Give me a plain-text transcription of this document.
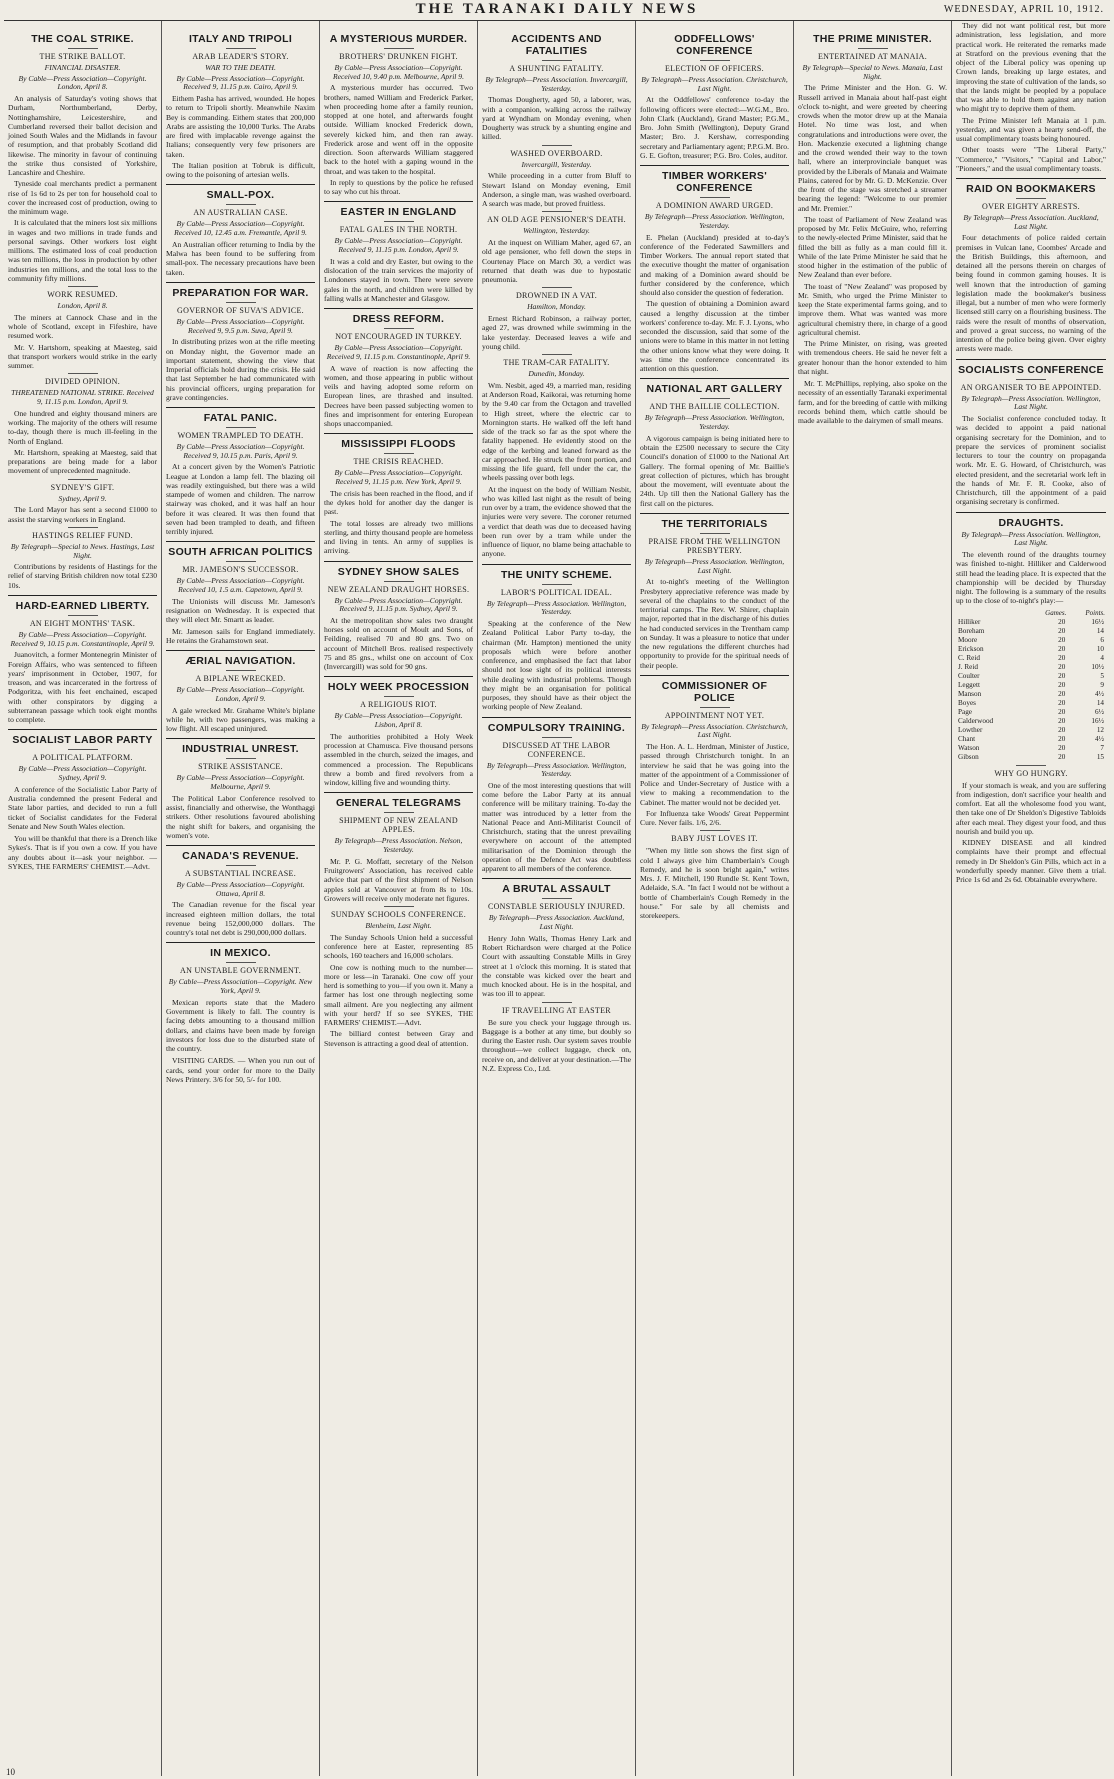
THE TARANAKI DAILY NEWS	WEDNESDAY, APRIL 10, 1912.
THE COAL STRIKE.
THE STRIKE BALLOT.
FINANCIAL DISASTER.
By Cable—Press Association—Copyright. London, April 8.

An analysis of Saturday's voting shows that Durham, Northumberland, Derby, Nottinghamshire, Leicestershire, and Cumberland reversed their ballot decision and joined South Wales and the Midlands in favour of resumption, and that probably Scotland did likewise. The minority in favour of continuing the strike thus consisted of Yorkshire, Lancashire and Cheshire.

Tyneside coal merchants predict a permanent rise of 1s 6d to 2s per ton for household coal to cover the increased cost of production, owing to the minimum wage.

It is calculated that the miners lost six millions in wages and two millions in trade funds and personal savings. Other workers lost eight millions. The estimated loss of coal production was ten millions, the loss in production by other industries ten millions, and the total loss to the community fifty millions.

WORK RESUMED.
London, April 8.

The miners at Cannock Chase and in the whole of Scotland, except in Fifeshire, have resumed work.

Mr. V. Hartshorn, speaking at Maesteg, said that transport workers would strike in the early summer.

DIVIDED OPINION.
THREATENED NATIONAL STRIKE. Received 9, 11.15 p.m. London, April 9.

One hundred and eighty thousand miners are working. The majority of the others will resume to-day, though there is much ill-feeling in the North of England.

Mr. Hartshorn, speaking at Maesteg, said that preparations are being made for a labor movement of unprecedented magnitude.

SYDNEY'S GIFT.
Sydney, April 9.

The Lord Mayor has sent a second £1000 to assist the starving workers in England.

HASTINGS RELIEF FUND.
By Telegraph—Special to News. Hastings, Last Night.

Contributions by residents of Hastings for the relief of starving British children now total £230 10s.

HARD-EARNED LIBERTY.
AN EIGHT MONTHS' TASK.
By Cable—Press Association—Copyright. Received 9, 10.15 p.m. Constantinople, April 9.

Juanovitch, a former Montenegrin Minister of Foreign Affairs, who was sentenced to fifteen years' imprisonment in October, 1907, for treason, and was incarcerated in the fortress of Podgoritza, with his feet enchained, escaped with other conspirators by digging a subterranean passage which took eight months to complete.

SOCIALIST LABOR PARTY
A POLITICAL PLATFORM.
By Cable—Press Association—Copyright. Sydney, April 9.

A conference of the Socialistic Labor Party of Australia condemned the present Federal and State labor parties, and decided to run a full ticket of Socialist candidates for the Federal Senate and New South Wales election.

You will be thankful that there is a Drench like Sykes's. That is if you own a cow. If you have any doubts about it—ask your neighbor. —SYKES, THE FARMERS' CHEMIST.—Advt.

ITALY AND TRIPOLI
ARAB LEADER'S STORY.
WAR TO THE DEATH.
By Cable—Press Association—Copyright. Received 9, 11.15 p.m. Cairo, April 9.

Eithem Pasha has arrived, wounded. He hopes to return to Tripoli shortly. Meanwhile Naxim Bey is commanding. Eithem states that 200,000 Arabs are assisting the 10,000 Turks. The Arabs are fired with implacable revenge against the Italians; consequently very few prisoners are taken.

The Italian position at Tobruk is difficult, owing to the poisoning of artesian wells.

SMALL-POX.
AN AUSTRALIAN CASE.
By Cable—Press Association—Copyright. Received 10, 12.45 a.m. Fremantle, April 9.

An Australian officer returning to India by the Malwa has been found to be suffering from small-pox. The necessary precautions have been taken.

PREPARATION FOR WAR.
GOVERNOR OF SUVA'S ADVICE.
By Cable—Press Association—Copyright. Received 9, 9.5 p.m. Suva, April 9.

In distributing prizes won at the rifle meeting on Monday night, the Governor made an important statement, showing the view that Imperial officials hold during the crisis. He said that last September he had communicated with his provincial officers, urging preparation for grave contingencies.

FATAL PANIC.
WOMEN TRAMPLED TO DEATH.
By Cable—Press Association—Copyright. Received 9, 10.15 p.m. Paris, April 9.

At a concert given by the Women's Patriotic League at London a lamp fell. The blazing oil was readily extinguished, but there was a wild stampede of women and children. The narrow stairway was choked, and it was half an hour before it was cleared. It was then found that seven had been trampled to death, and fifteen terribly injured.

SOUTH AFRICAN POLITICS
MR. JAMESON'S SUCCESSOR.
By Cable—Press Association—Copyright. Received 10, 1.5 a.m. Capetown, April 9.

The Unionists will discuss Mr. Jameson's resignation on Wednesday. It is expected that they will elect Mr. Smartt as leader.

Mr. Jameson sails for England immediately. He retains the Grahamstown seat.

ÆRIAL NAVIGATION.
A BIPLANE WRECKED.
By Cable—Press Association—Copyright. London, April 9.

A gale wrecked Mr. Grahame White's biplane while he, with two passengers, was making a low flight. All escaped uninjured.

INDUSTRIAL UNREST.
STRIKE ASSISTANCE.
By Cable—Press Association—Copyright. Melbourne, April 9.

The Political Labor Conference resolved to assist, financially and otherwise, the Wonthaggi strikers. Other resolutions favoured abolishing the night shift for bakers, and organising the women's vote.

CANADA'S REVENUE.
A SUBSTANTIAL INCREASE.
By Cable—Press Association—Copyright. Ottawa, April 8.

The Canadian revenue for the fiscal year increased eighteen million dollars, the total revenue being 152,000,000 dollars. The country's total net debt is 290,000,000 dollars.

IN MEXICO.
AN UNSTABLE GOVERNMENT.
By Cable—Press Association—Copyright. New York, April 9.

Mexican reports state that the Madero Government is likely to fall. The country is facing debts amounting to a thousand million dollars, and claims have been made by foreign investors for loss due to the disturbed state of the country.

VISITING CARDS. — When you run out of cards, send your order for more to the Daily News Printery. 3/6 for 50, 5/- for 100.

A MYSTERIOUS MURDER.
BROTHERS' DRUNKEN FIGHT.
By Cable—Press Association—Copyright. Received 10, 9.40 p.m. Melbourne, April 9.

A mysterious murder has occurred. Two brothers, named William and Frederick Parker, when proceeding home after a family reunion, stopped at one hotel, and afterwards fought outside. William knocked Frederick down, severely kicked him, and then ran away. Frederick arose and went off in the opposite direction. Soon afterwards William staggered back to the hotel with a gaping wound in the throat, and was taken to the hospital.

In reply to questions by the police he refused to say who cut his throat.

EASTER IN ENGLAND
FATAL GALES IN THE NORTH.
By Cable—Press Association—Copyright. Received 9, 11.15 p.m. London, April 9.

It was a cold and dry Easter, but owing to the dislocation of the train services the majority of Londoners stayed in town. There were severe gales in the north, and children were killed by falling walls at Manchester and Glasgow.

DRESS REFORM.
NOT ENCOURAGED IN TURKEY.
By Cable—Press Association—Copyright. Received 9, 11.15 p.m. Constantinople, April 9.

A wave of reaction is now affecting the women, and those appearing in public without veils and having adopted some reform on European lines, are thrashed and insulted. Decrees have been passed subjecting women to fines and imprisonment for entering European shops unaccompanied.

MISSISSIPPI FLOODS
THE CRISIS REACHED.
By Cable—Press Association—Copyright. Received 9, 11.15 p.m. New York, April 9.

The crisis has been reached in the flood, and if the dykes hold for another day the danger is past.

The total losses are already two millions sterling, and thirty thousand people are homeless and living in tents. An army of supplies is arriving.

SYDNEY SHOW SALES
NEW ZEALAND DRAUGHT HORSES.
By Cable—Press Association—Copyright. Received 9, 11.15 p.m. Sydney, April 9.

At the metropolitan show sales two draught horses sold on account of Moult and Sons, of Feilding, realised 70 and 80 gns. Two on account of Mitchell Bros. realised respectively 75 and 85 gns., whilst one on account of Cox (Invercargill) was sold for 90 gns.

HOLY WEEK PROCESSION
A RELIGIOUS RIOT.
By Cable—Press Association—Copyright. Lisbon, April 8.

The authorities prohibited a Holy Week procession at Chamusca. Five thousand persons assembled in the church, seized the images, and commenced a procession. The Republicans threw a bomb and fired revolvers from a window, killing five and wounding thirty.

GENERAL TELEGRAMS
SHIPMENT OF NEW ZEALAND APPLES.
By Telegraph—Press Association. Nelson, Yesterday.

Mr. P. G. Moffatt, secretary of the Nelson Fruitgrowers' Association, has received cable advice that part of the first shipment of Nelson apples sold at Vancouver at from 8s to 10s. Growers will receive only moderate net figures.

SUNDAY SCHOOLS CONFERENCE.
Blenheim, Last Night.

The Sunday Schools Union held a successful conference here at Easter, representing 85 schools, 160 teachers and 16,000 scholars.

One cow is nothing much to the number—more or less—in Taranaki. One cow off your herd is something to you—if you own it. Many a farmer has lost one through neglecting some small ailment. Are you neglecting any ailment with your herd? If so see SYKES, THE FARMERS' CHEMIST.—Advt.

The billiard contest between Gray and Stevenson is attracting a good deal of attention.

ACCIDENTS AND FATALITIES
A SHUNTING FATALITY.
By Telegraph—Press Association. Invercargill, Yesterday.

Thomas Dougherty, aged 50, a laborer, was, with a companion, walking across the railway yard at Wyndham on Monday evening, when Dougherty was struck by a shunting engine and killed.

WASHED OVERBOARD.
Invercargill, Yesterday.

While proceeding in a cutter from Bluff to Stewart Island on Monday evening, Emil Anderson, a single man, was washed overboard. A search was made, but proved fruitless.

AN OLD AGE PENSIONER'S DEATH.
Wellington, Yesterday.

At the inquest on William Maher, aged 67, an old age pensioner, who fell down the steps in Courtenay Place on March 30, a verdict was returned that death was due to hypostatic pneumonia.

DROWNED IN A VAT.
Hamilton, Monday.

Ernest Richard Robinson, a railway porter, aged 27, was drowned while swimming in the lake yesterday. Deceased leaves a wife and young child.

THE TRAM-CAR FATALITY.
Dunedin, Monday.

Wm. Nesbit, aged 49, a married man, residing at Anderson Road, Kaikorai, was returning home by the 9.40 car from the Octagon and travelled to High street, where the electric car to Mornington starts. He walked off the left hand side of the track so far as the spot where the fatality happened. He evidently stood on the edge of the kerbing and leaned forward as the car approached. He struck the front portion, and missing the life guard, fell under the car, the wheels passing over both legs.

At the inquest on the body of William Nesbit, who was killed last night as the result of being run over by a tram, the evidence showed that the injuries were very severe. The coroner returned a verdict that death was due to deceased having been run over by a tram while under the influence of liquor, no blame being attachable to anyone.

THE UNITY SCHEME.
LABOR'S POLITICAL IDEAL.
By Telegraph—Press Association. Wellington, Yesterday.

Speaking at the conference of the New Zealand Political Labor Party to-day, the chairman (Mr. Hampton) mentioned the unity proposals which were before another conference, and emphasised the fact that labor should not lose sight of its political interests while dealing with industrial problems. Though they might be an organisation for political purposes, they should have as their object the working people of New Zealand.

COMPULSORY TRAINING.
DISCUSSED AT THE LABOR CONFERENCE.
By Telegraph—Press Association. Wellington, Yesterday.

One of the most interesting questions that will come before the Labor Party at its annual conference will be military training. To-day the matter was introduced by a letter from the National Peace and Anti-Militarist Council of Christchurch, stating that the unrest prevailing everywhere on account of the attempted militarisation of the Dominion through the operation of the Defence Act was doubtless apparent to all members of the conference.

A BRUTAL ASSAULT
CONSTABLE SERIOUSLY INJURED.
By Telegraph—Press Association. Auckland, Last Night.

Henry John Walls, Thomas Henry Lark and Robert Richardson were charged at the Police Court with assaulting Constable Mills in Grey street at 1 o'clock this morning. It is stated that the constable was kicked over the heart and much knocked about. He is in the hospital, and was too ill to appear.

IF TRAVELLING AT EASTER

Be sure you check your luggage through us. Baggage is a bother at any time, but doubly so during the Easter rush. Our system saves trouble throughout—we collect luggage, check on, receive on, and deliver at your destination.—The N.Z. Express Co., Ltd.

ODDFELLOWS' CONFERENCE
ELECTION OF OFFICERS.
By Telegraph—Press Association. Christchurch, Last Night.

At the Oddfellows' conference to-day the following officers were elected:—W.G.M., Bro. John Clark (Auckland), Grand Master; P.G.M., Bro. John Smith (Wellington), Deputy Grand Master; Bro. J. Kershaw, corresponding secretary and Parliamentary agent; P.P.G.M. Bro. G. E. Gofton, treasurer; P.G. Bro. Coles, auditor.

TIMBER WORKERS' CONFERENCE
A DOMINION AWARD URGED.
By Telegraph—Press Association. Wellington, Yesterday.

E. Phelan (Auckland) presided at to-day's conference of the Federated Sawmillers and Timber Workers. The annual report stated that the executive thought the matter of organisation and making of a Dominion award should be further considered by the conference, which should also consider the question of federation.

The question of obtaining a Dominion award caused a lengthy discussion at the timber workers' conference to-day. Mr. F. J. Lyons, who seconded the discussion, said that some of the unions were to blame in this matter in not letting the other unions know what they were doing. It was time the conference concentrated its attention on this question.

NATIONAL ART GALLERY
AND THE BAILLIE COLLECTION.
By Telegraph—Press Association. Wellington, Yesterday.

A vigorous campaign is being initiated here to obtain the £2500 necessary to secure the City Council's donation of £1000 to the National Art Gallery. The formal opening of Mr. Baillie's great collection of pictures, which has brought about the movement, will eventuate about the 24th. Up till then the National Gallery has the first call on the pictures.

THE TERRITORIALS
PRAISE FROM THE WELLINGTON PRESBYTERY.
By Telegraph—Press Association. Wellington, Last Night.

At to-night's meeting of the Wellington Presbytery appreciative reference was made by several of the chaplains to the conduct of the territorial camps. The Rev. W. Shirer, chaplain major, reported that in the discharge of his duties he had conducted services in the Trentham camp on Sunday. It was a pleasure to notice that under the new regulations the different churches had opportunity to provide for the spiritual needs of their people.

COMMISSIONER OF POLICE
APPOINTMENT NOT YET.
By Telegraph—Press Association. Christchurch, Last Night.

The Hon. A. L. Herdman, Minister of Justice, passed through Christchurch tonight. In an interview he said that he was going into the matter of the appointment of a Commissioner of Police and Under-Secretary of Justice with a view to making a recommendation to the Cabinet. The matter would not be decided yet.

For Influenza take Woods' Great Peppermint Cure. Never fails. 1/6, 2/6.

BABY JUST LOVES IT.

"When my little son shows the first sign of cold I always give him Chamberlain's Cough Remedy, and he is soon bright again," writes Mrs. J. F. Mitchell, 190 Rundle St. Kent Town, Adelaide, S.A. "In fact I would not be without a bottle of Chamberlain's Cough Remedy in the house." For sale by all chemists and storekeepers.

THE PRIME MINISTER.
ENTERTAINED AT MANAIA.
By Telegraph—Special to News. Manaia, Last Night.

The Prime Minister and the Hon. G. W. Russell arrived in Manaia about half-past eight o'clock to-night, and were greeted by cheering crowds when the motor drew up at the Manaia Hotel. No time was lost, and when congratulations and introductions were over, the Hon. Mackenzie executed a lightning change and the crowd wended their way to the town hall, where an interprovinciale banquet was provided by the Liberals of Manaia and Waimate Plains, catered for by Mr. G. D. McKenzie. Over the front of the stage was stretched a streamer bearing the legend: "Welcome to our premier and Mr. Premier."

The toast of Parliament of New Zealand was proposed by Mr. Felix McGuire, who, referring to the newly-elected Prime Minister, said that he filled the bill as fully as a man could fill it. While of the late Prime Minister he said that he stood higher in the estimation of the public of New Zealand than ever before.

The toast of "New Zealand" was proposed by Mr. Smith, who urged the Prime Minister to keep the State experimental farms going, and to improve them. What was wanted was more agricultural chemistry there, in charge of a good agricultural chemist.

The Prime Minister, on rising, was greeted with tremendous cheers. He said he never felt a greater honour than the honor extended to him that night.

Mr. T. McPhillips, replying, also spoke on the necessity of an essentially Taranaki experimental farm, and for the breeding of cattle with milking records behind them, which cattle should be made available to the dairymen of small means.

They did not want political rest, but more administration, less legislation, and more practical work. He reiterated the remarks made at Stratford on the previous evening that the object of the Liberal policy was opening up Crown lands, breaking up large estates, and improving the state of cultivation of the lands, so that the lands might be peopled by a populace that was able to hold them against any nation who might try to deprive them of them.

The Prime Minister left Manaia at 1 p.m. yesterday, and was given a hearty send-off, the usual complimentary toasts being honoured.

Other toasts were "The Liberal Party," "Commerce," "Visitors," "Capital and Labor," "Pioneers," and the usual complimentary toasts.

RAID ON BOOKMAKERS
OVER EIGHTY ARRESTS.
By Telegraph—Press Association. Auckland, Last Night.

Four detachments of police raided certain premises in Vulcan lane, Coombes' Arcade and the British Buildings, this afternoon, and detained all the persons therein on charges of being found in common gaming houses. It is well known that the introduction of gaming legislation made the bookmaker's business illegal, but a number of men who were formerly licensed still carry on a flourishing business. The raids were the result of months of observation, and proved a great success, no warning of the intention of the police being given. Over eighty arrests were made.

SOCIALISTS CONFERENCE
AN ORGANISER TO BE APPOINTED.
By Telegraph—Press Association. Wellington, Last Night.

The Socialist conference concluded today. It was decided to appoint a paid national organising secretary for the Dominion, and to prepare the services of prominent socialist lecturers to tour the country on propaganda work. Mr. E. G. Howard, of Christchurch, was elected president, and the secretarial work left in the hands of Mr. F. R. Cooke, also of Christchurch, till the appointment of a paid organising secretary is confirmed.

DRAUGHTS.
By Telegraph—Press Association. Wellington, Last Night.

The eleventh round of the draughts tourney was finished to-night. Hilliker and Calderwood still head the leading place. It is expected that the championship will be decided by Thursday night. The following is a summary of the results up to the close of to-night's play:—

	Games.	Points.
Hilliker	20	16½
Boreham	20	14
Moore	20	6
Erickson	20	10
C. Reid	20	4
J. Reid	20	10½
Coulter	20	5
Leggett	20	9
Manson	20	4½
Boyes	20	14
Page	20	6½
Calderwood	20	16½
Lowther	20	12
Chant	20	4½
Watson	20	7
Gibson	20	15
WHY GO HUNGRY.

If your stomach is weak, and you are suffering from indigestion, don't sacrifice your health and comfort. Eat all the wholesome food you want, then take one of Dr Sheldon's Digestive Tabloids after each meal. They digest your food, and thus nourish and build you up.

KIDNEY DISEASE and all kindred complaints have their prompt and effectual remedy in Dr Sheldon's Gin Pills, which act in a wonderfully speedy manner. Give them a trial. Price 1s 6d and 2s 6d. Obtainable everywhere.

10
